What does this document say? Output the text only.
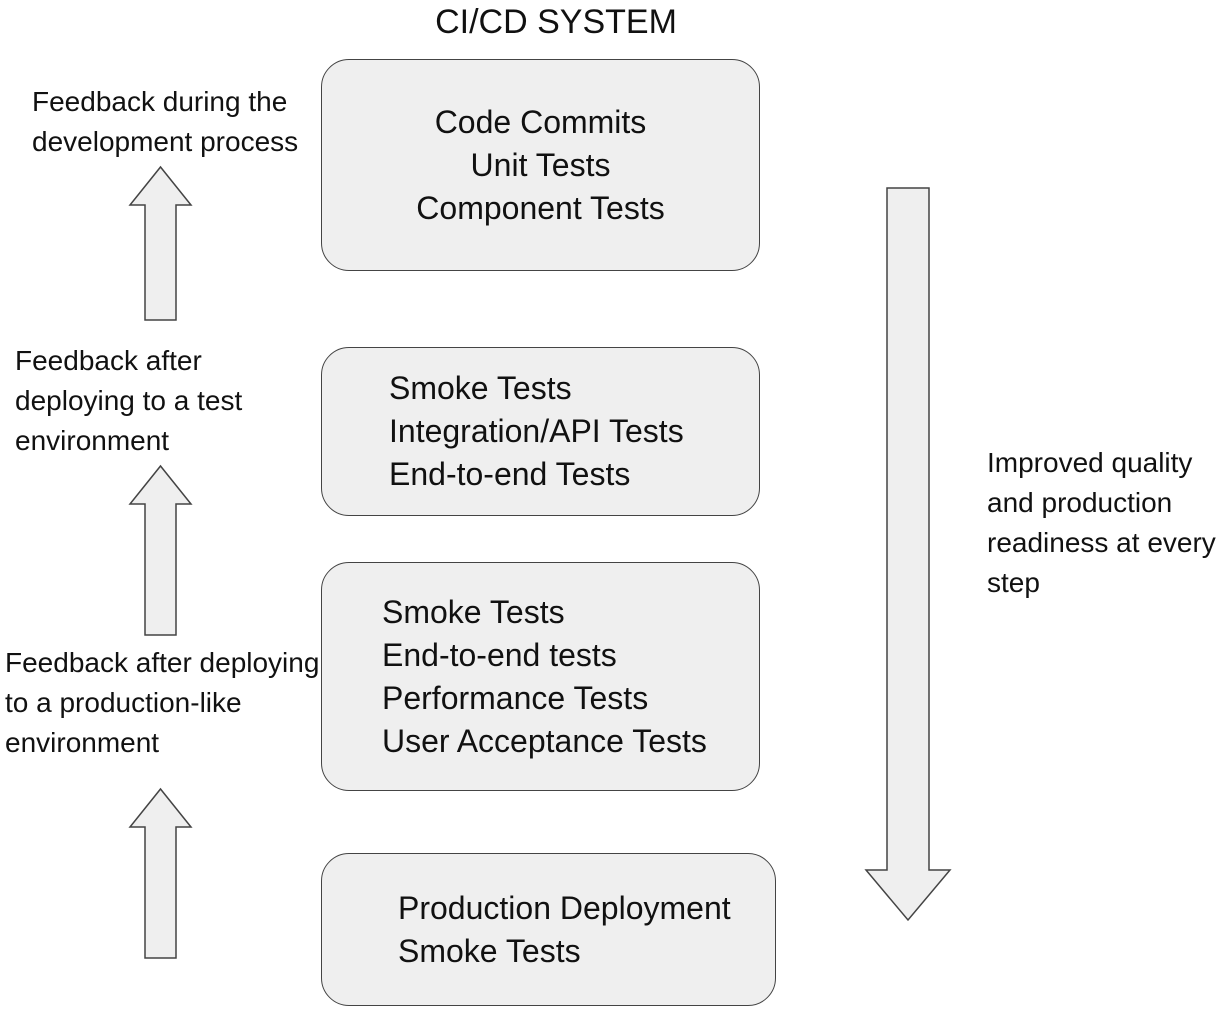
CI/CD SYSTEM
Code Commits
Unit Tests
Component Tests
Smoke Tests
Integration/API Tests
End-to-end Tests
Smoke Tests
End-to-end tests
Performance Tests
User Acceptance Tests
Production Deployment
Smoke Tests
Feedback during the
development process
Feedback after
deploying to a test
environment
Feedback after deploying
to a production-like
environment
Improved quality
and production
readiness at every
step
